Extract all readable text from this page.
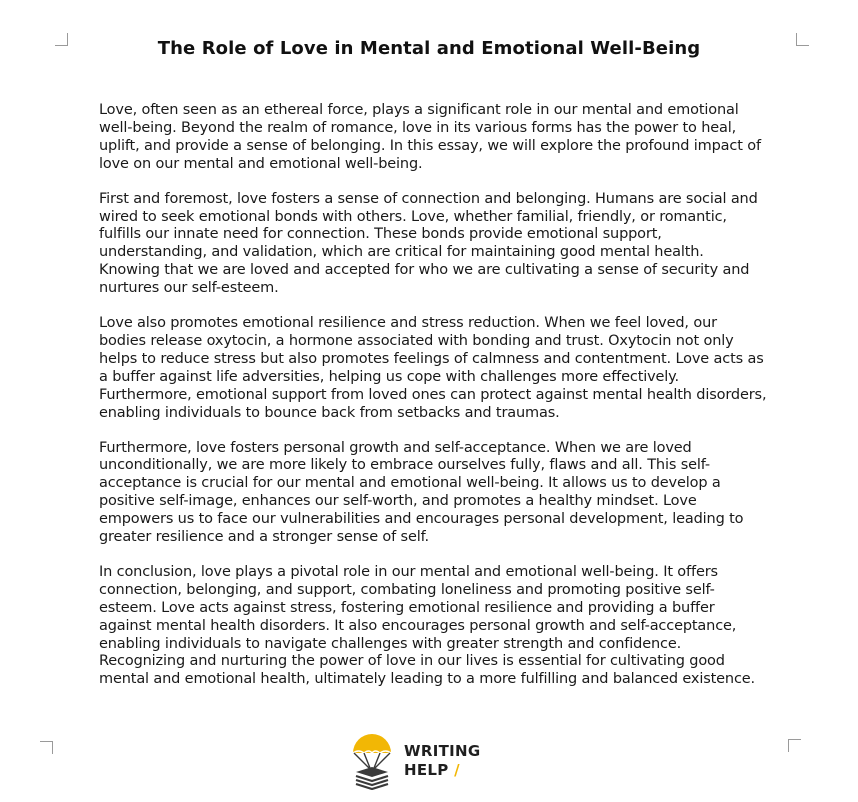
The Role of Love in Mental and Emotional Well-Being

Love, often seen as an ethereal force, plays a significant role in our mental and emotional well-being. Beyond the realm of romance, love in its various forms has the power to heal, uplift, and provide a sense of belonging. In this essay, we will explore the profound impact of love on our mental and emotional well-being.

First and foremost, love fosters a sense of connection and belonging. Humans are social and wired to seek emotional bonds with others. Love, whether familial, friendly, or romantic, fulfills our innate need for connection. These bonds provide emotional support, understanding, and validation, which are critical for maintaining good mental health. Knowing that we are loved and accepted for who we are cultivating a sense of security and nurtures our self-esteem.

Love also promotes emotional resilience and stress reduction. When we feel loved, our bodies release oxytocin, a hormone associated with bonding and trust. Oxytocin not only helps to reduce stress but also promotes feelings of calmness and contentment. Love acts as a buffer against life adversities, helping us cope with challenges more effectively. Furthermore, emotional support from loved ones can protect against mental health disorders, enabling individuals to bounce back from setbacks and traumas.

Furthermore, love fosters personal growth and self-acceptance. When we are loved unconditionally, we are more likely to embrace ourselves fully, flaws and all. This self-acceptance is crucial for our mental and emotional well-being. It allows us to develop a positive self-image, enhances our self-worth, and promotes a healthy mindset. Love empowers us to face our vulnerabilities and encourages personal development, leading to greater resilience and a stronger sense of self.

In conclusion, love plays a pivotal role in our mental and emotional well-being. It offers connection, belonging, and support, combating loneliness and promoting positive self-esteem. Love acts against stress, fostering emotional resilience and providing a buffer against mental health disorders. It also encourages personal growth and self-acceptance, enabling individuals to navigate challenges with greater strength and confidence. Recognizing and nurturing the power of love in our lives is essential for cultivating good mental and emotional health, ultimately leading to a more fulfilling and balanced existence.

WRITING
HELP /
